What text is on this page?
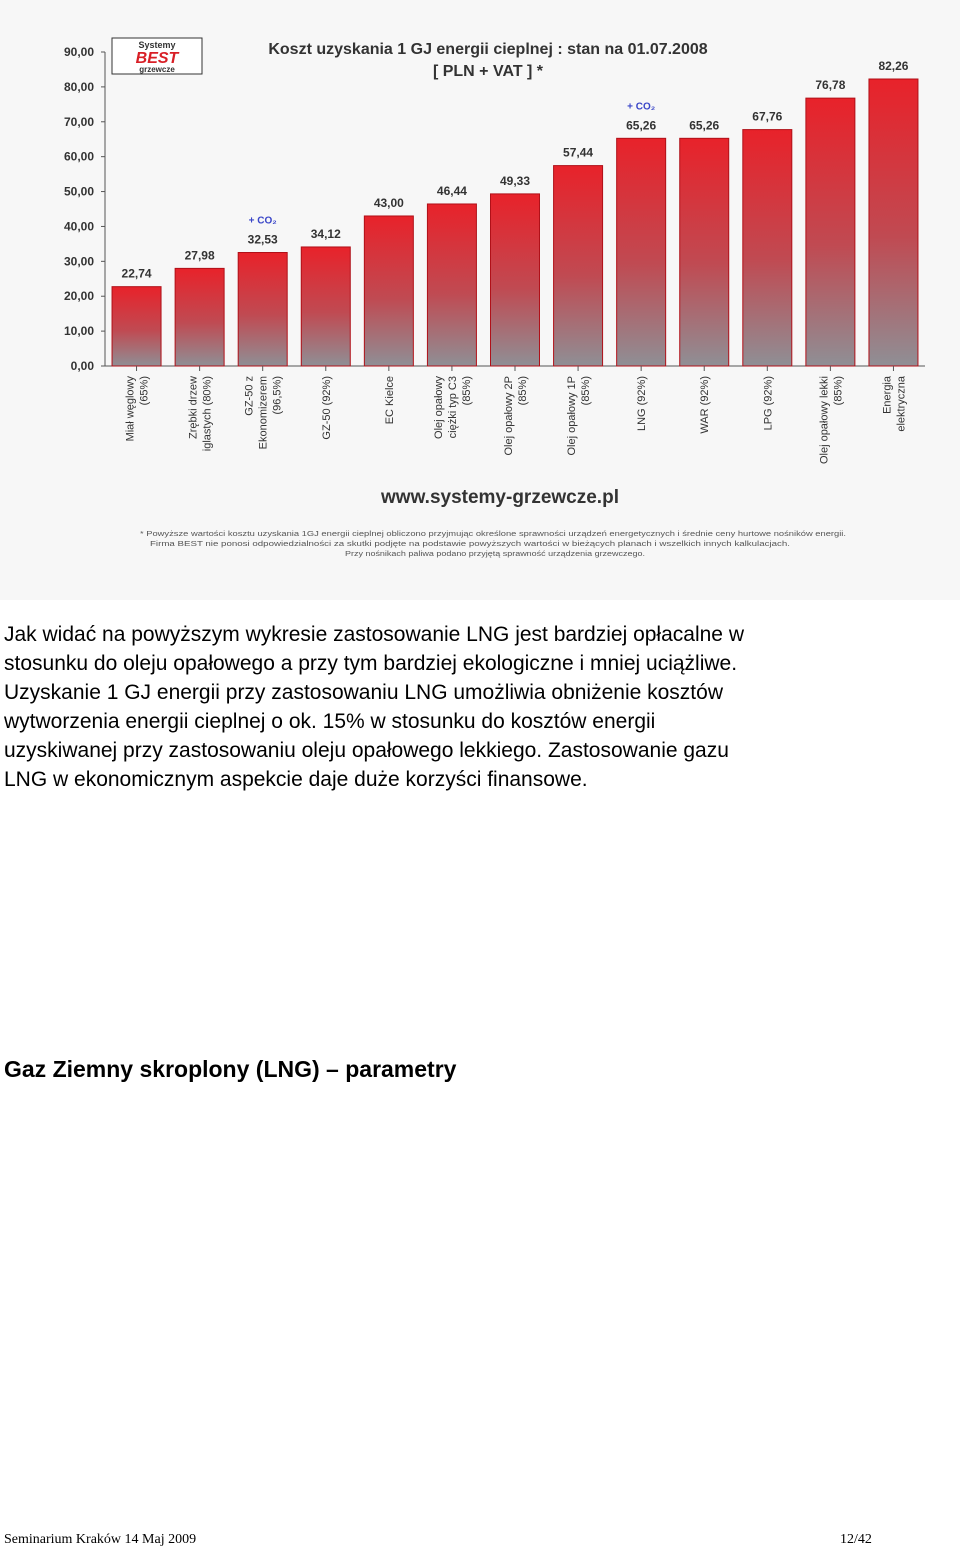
Systemy
BEST
grzewcze
Koszt uzyskania 1 GJ energii cieplnej : stan na 01.07.2008
[ PLN + VAT ] *
0,00
10,00
20,00
30,00
40,00
50,00
60,00
70,00
80,00
90,00
22,74
Miał węglowy (65%)
27,98
Zrębki drzew iglastych (80%)
32,53
+ CO₂
GZ-50 z Ekonomizerem (96,5%)
34,12
GZ-50 (92%)
43,00
EC Kielce
46,44
Olej opałowy ciężki typ C3 (85%)
49,33
Olej opałowy 2P (85%)
57,44
Olej opałowy 1P (85%)
65,26
+ CO₂
LNG (92%)
65,26
WAR (92%)
67,76
LPG (92%)
76,78
Olej opałowy lekki (85%)
82,26
Energia elektryczna
www.systemy-grzewcze.pl
* Powyższe wartości kosztu uzyskania 1GJ energii cieplnej obliczono przyjmując określone sprawności urządzeń energetycznych i średnie ceny hurtowe nośników energii.
Firma BEST nie ponosi odpowiedzialności za skutki podjęte na podstawie powyższych wartości w bieżących planach i wszelkich innych kalkulacjach.
Przy nośnikach paliwa podano przyjętą sprawność urządzenia grzewczego.

Jak widać na powyższym wykresie zastosowanie LNG jest bardziej opłacalne w

stosunku do oleju opałowego a przy tym bardziej ekologiczne i mniej uciążliwe.

Uzyskanie 1 GJ energii przy zastosowaniu LNG umożliwia obniżenie kosztów

wytworzenia energii cieplnej o ok. 15% w stosunku do kosztów energii

uzyskiwanej przy zastosowaniu oleju opałowego lekkiego. Zastosowanie gazu

LNG w ekonomicznym aspekcie daje duże korzyści finansowe.

Gaz Ziemny skroplony (LNG) – parametry
Seminarium Kraków 14 Maj 2009	12/42
